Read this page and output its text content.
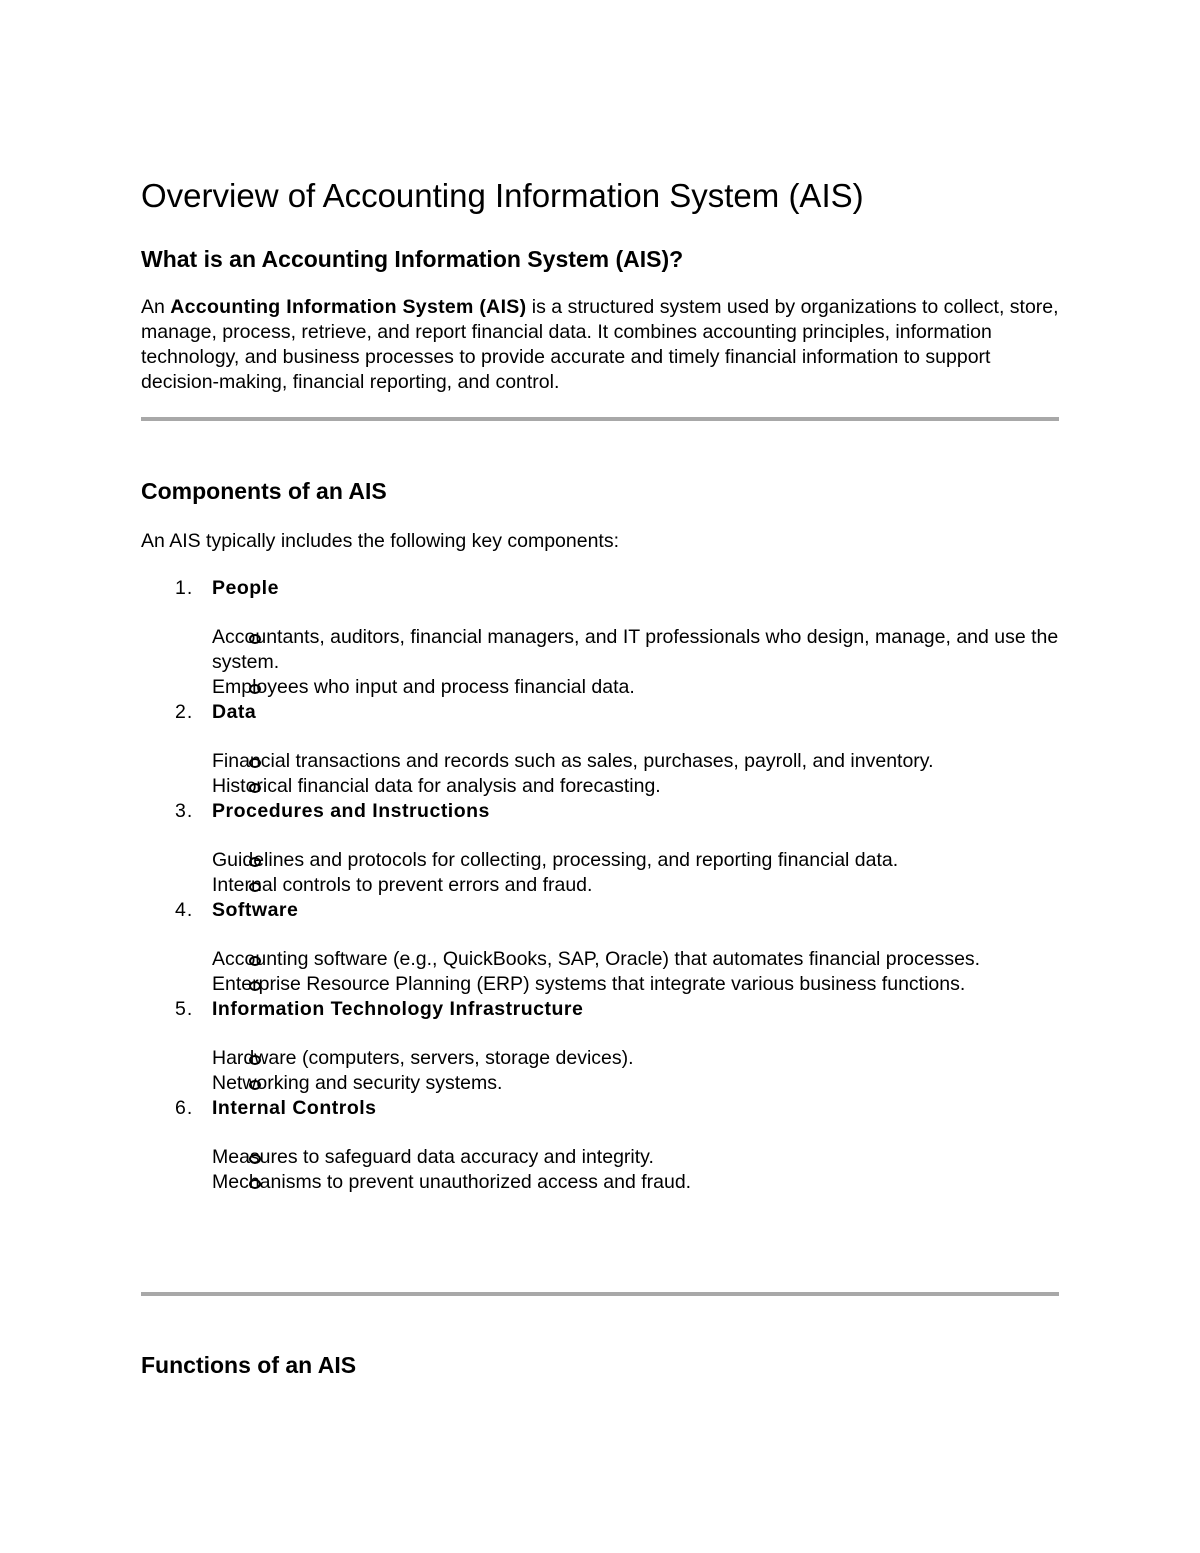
Overview of Accounting Information System (AIS)
What is an Accounting Information System (AIS)?

An Accounting Information System (AIS) is a structured system used by organizations to collect, store, manage, process, retrieve, and report financial data. It combines accounting principles, information technology, and business processes to provide accurate and timely financial information to support decision-making, financial reporting, and control.

Components of an AIS

An AIS typically includes the following key components:

1. People
Accountants, auditors, financial managers, and IT professionals who design, manage, and use the system.
Employees who input and process financial data.
2. Data
Financial transactions and records such as sales, purchases, payroll, and inventory.
Historical financial data for analysis and forecasting.
3. Procedures and Instructions
Guidelines and protocols for collecting, processing, and reporting financial data.
Internal controls to prevent errors and fraud.
4. Software
Accounting software (e.g., QuickBooks, SAP, Oracle) that automates financial processes.
Enterprise Resource Planning (ERP) systems that integrate various business functions.
5. Information Technology Infrastructure
Hardware (computers, servers, storage devices).
Networking and security systems.
6. Internal Controls
Measures to safeguard data accuracy and integrity.
Mechanisms to prevent unauthorized access and fraud.
Functions of an AIS
